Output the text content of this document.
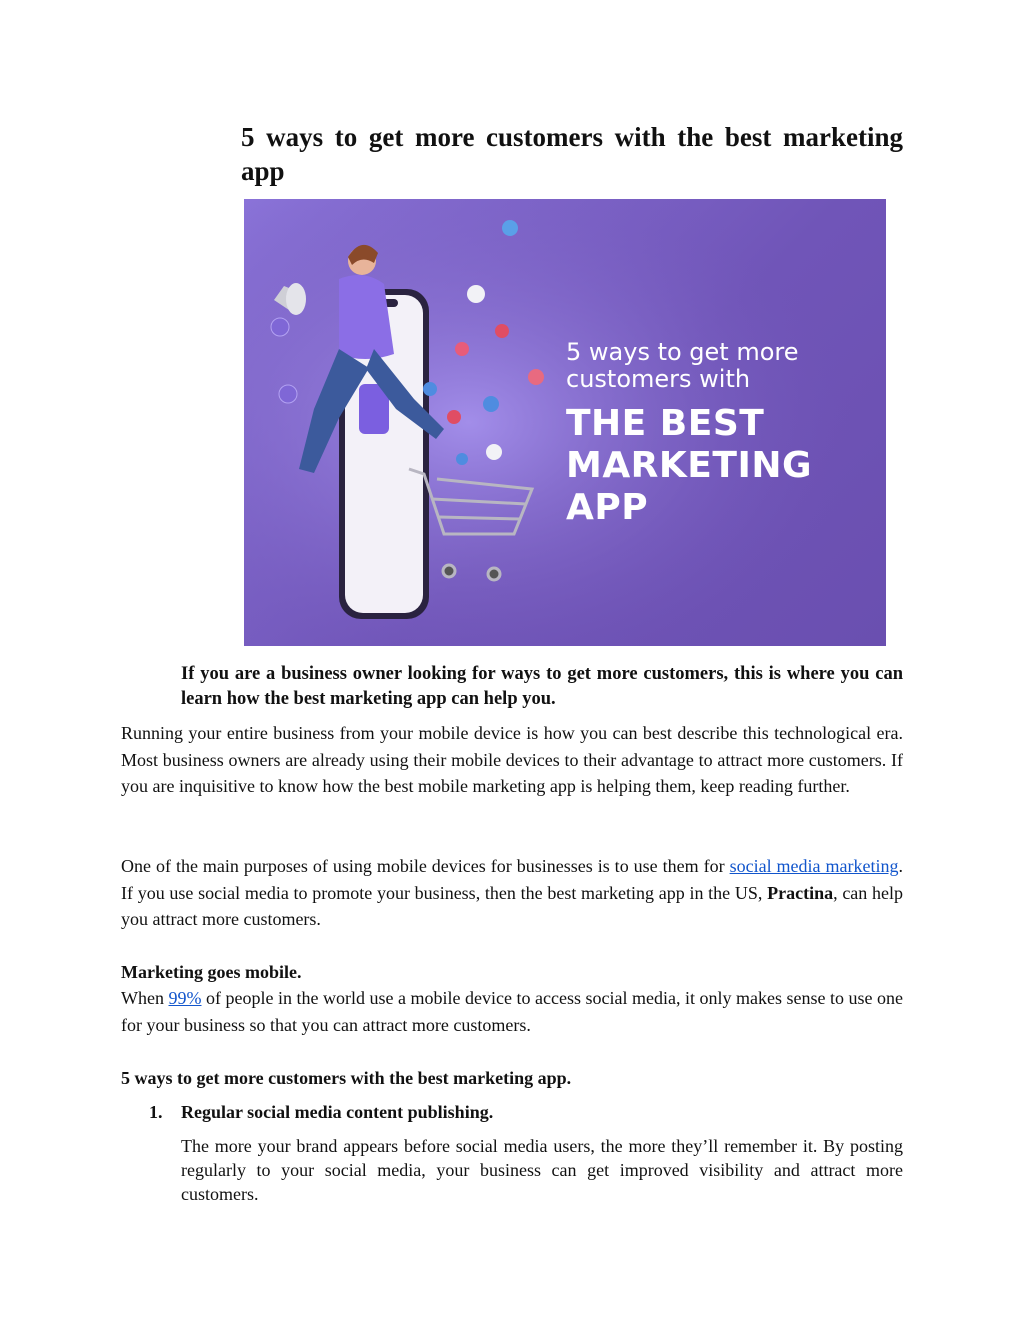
5 ways to get more customers with the best marketing app
5 ways to get more
customers with
THE BEST
MARKETING
APP

If you are a business owner looking for ways to get more customers, this is where you can learn how the best marketing app can help you.

Running your entire business from your mobile device is how you can best describe this technological era. Most business owners are already using their mobile devices to their advantage to attract more customers. If you are inquisitive to know how the best mobile marketing app is helping them, keep reading further.

One of the main purposes of using mobile devices for businesses is to use them for social media marketing. If you use social media to promote your business, then the best marketing app in the US, Practina, can help you attract more customers.

Marketing goes mobile.

When 99% of people in the world use a mobile device to access social media, it only makes sense to use one for your business so that you can attract more customers.

5 ways to get more customers with the best marketing app.
1. Regular social media content publishing.

The more your brand appears before social media users, the more they’ll remember it. By posting regularly to your social media, your business can get improved visibility and attract more customers.
